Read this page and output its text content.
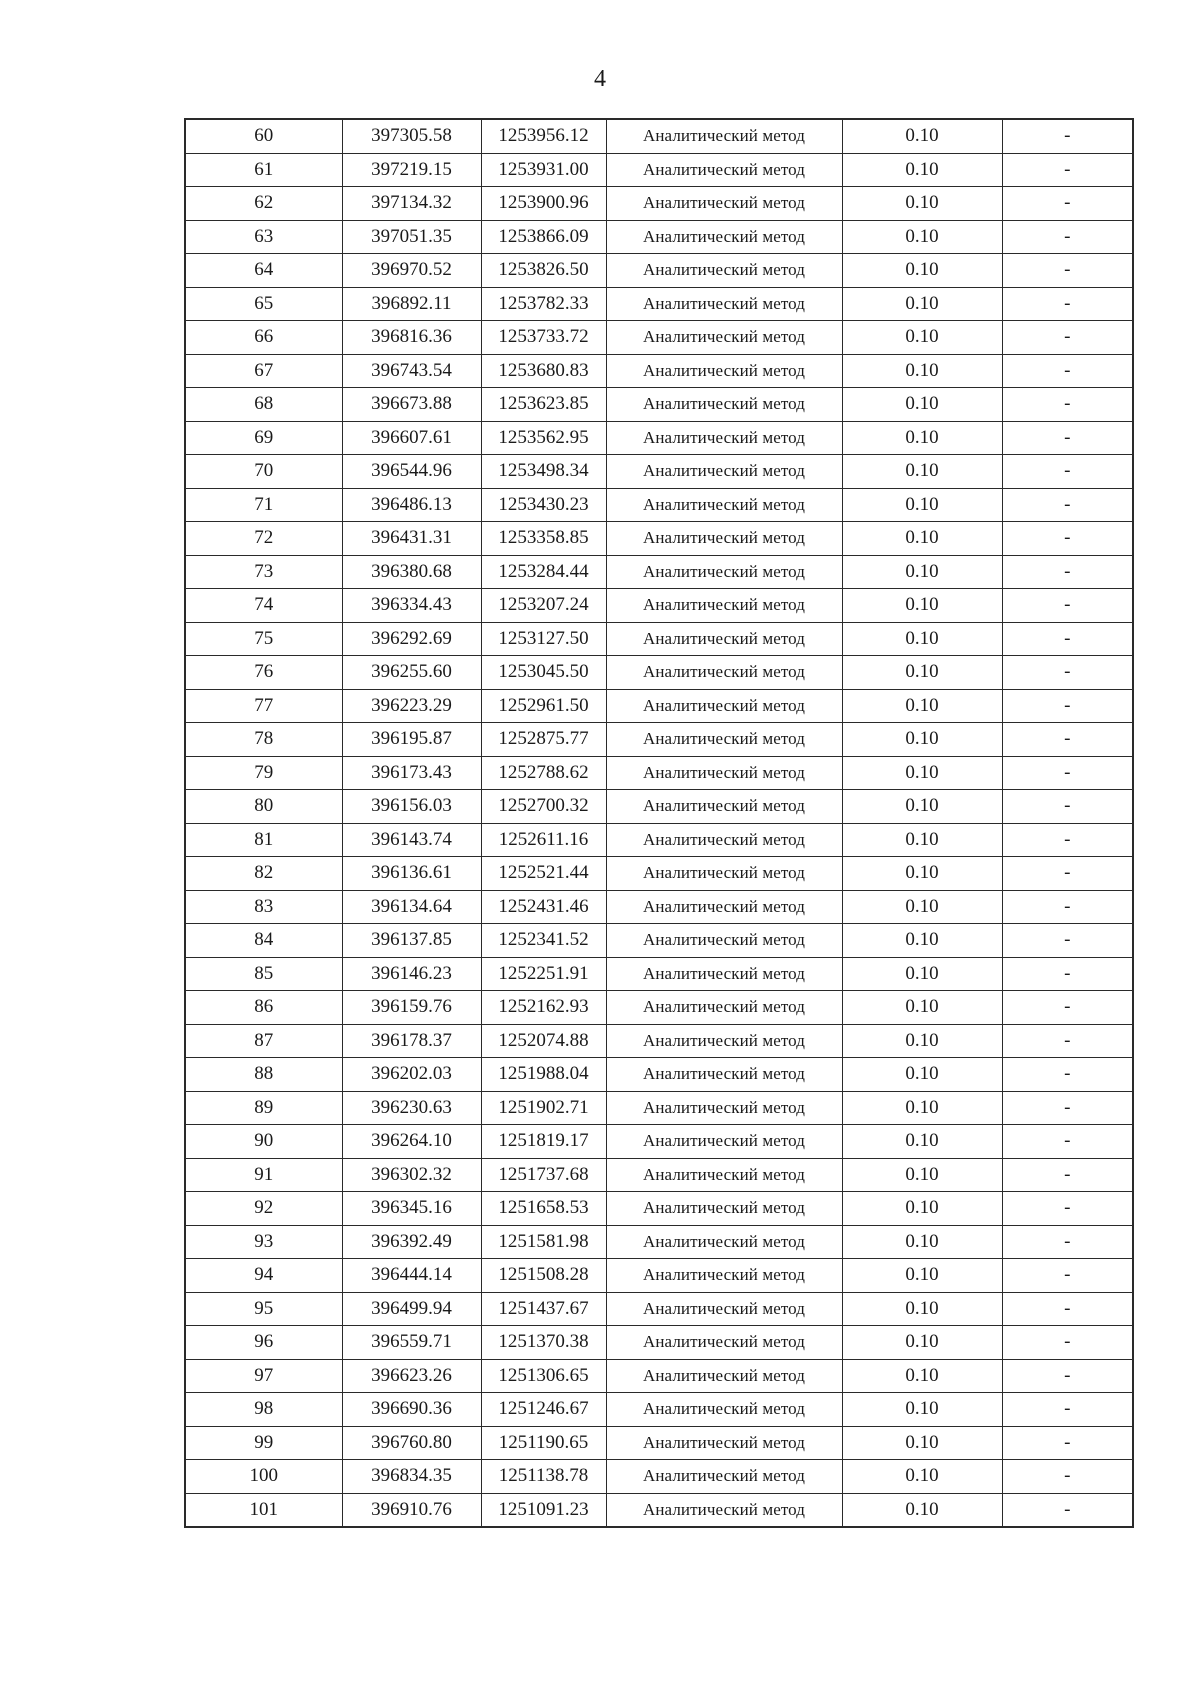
4
60	397305.58	1253956.12	Аналитический метод	0.10	-
61	397219.15	1253931.00	Аналитический метод	0.10	-
62	397134.32	1253900.96	Аналитический метод	0.10	-
63	397051.35	1253866.09	Аналитический метод	0.10	-
64	396970.52	1253826.50	Аналитический метод	0.10	-
65	396892.11	1253782.33	Аналитический метод	0.10	-
66	396816.36	1253733.72	Аналитический метод	0.10	-
67	396743.54	1253680.83	Аналитический метод	0.10	-
68	396673.88	1253623.85	Аналитический метод	0.10	-
69	396607.61	1253562.95	Аналитический метод	0.10	-
70	396544.96	1253498.34	Аналитический метод	0.10	-
71	396486.13	1253430.23	Аналитический метод	0.10	-
72	396431.31	1253358.85	Аналитический метод	0.10	-
73	396380.68	1253284.44	Аналитический метод	0.10	-
74	396334.43	1253207.24	Аналитический метод	0.10	-
75	396292.69	1253127.50	Аналитический метод	0.10	-
76	396255.60	1253045.50	Аналитический метод	0.10	-
77	396223.29	1252961.50	Аналитический метод	0.10	-
78	396195.87	1252875.77	Аналитический метод	0.10	-
79	396173.43	1252788.62	Аналитический метод	0.10	-
80	396156.03	1252700.32	Аналитический метод	0.10	-
81	396143.74	1252611.16	Аналитический метод	0.10	-
82	396136.61	1252521.44	Аналитический метод	0.10	-
83	396134.64	1252431.46	Аналитический метод	0.10	-
84	396137.85	1252341.52	Аналитический метод	0.10	-
85	396146.23	1252251.91	Аналитический метод	0.10	-
86	396159.76	1252162.93	Аналитический метод	0.10	-
87	396178.37	1252074.88	Аналитический метод	0.10	-
88	396202.03	1251988.04	Аналитический метод	0.10	-
89	396230.63	1251902.71	Аналитический метод	0.10	-
90	396264.10	1251819.17	Аналитический метод	0.10	-
91	396302.32	1251737.68	Аналитический метод	0.10	-
92	396345.16	1251658.53	Аналитический метод	0.10	-
93	396392.49	1251581.98	Аналитический метод	0.10	-
94	396444.14	1251508.28	Аналитический метод	0.10	-
95	396499.94	1251437.67	Аналитический метод	0.10	-
96	396559.71	1251370.38	Аналитический метод	0.10	-
97	396623.26	1251306.65	Аналитический метод	0.10	-
98	396690.36	1251246.67	Аналитический метод	0.10	-
99	396760.80	1251190.65	Аналитический метод	0.10	-
100	396834.35	1251138.78	Аналитический метод	0.10	-
101	396910.76	1251091.23	Аналитический метод	0.10	-
